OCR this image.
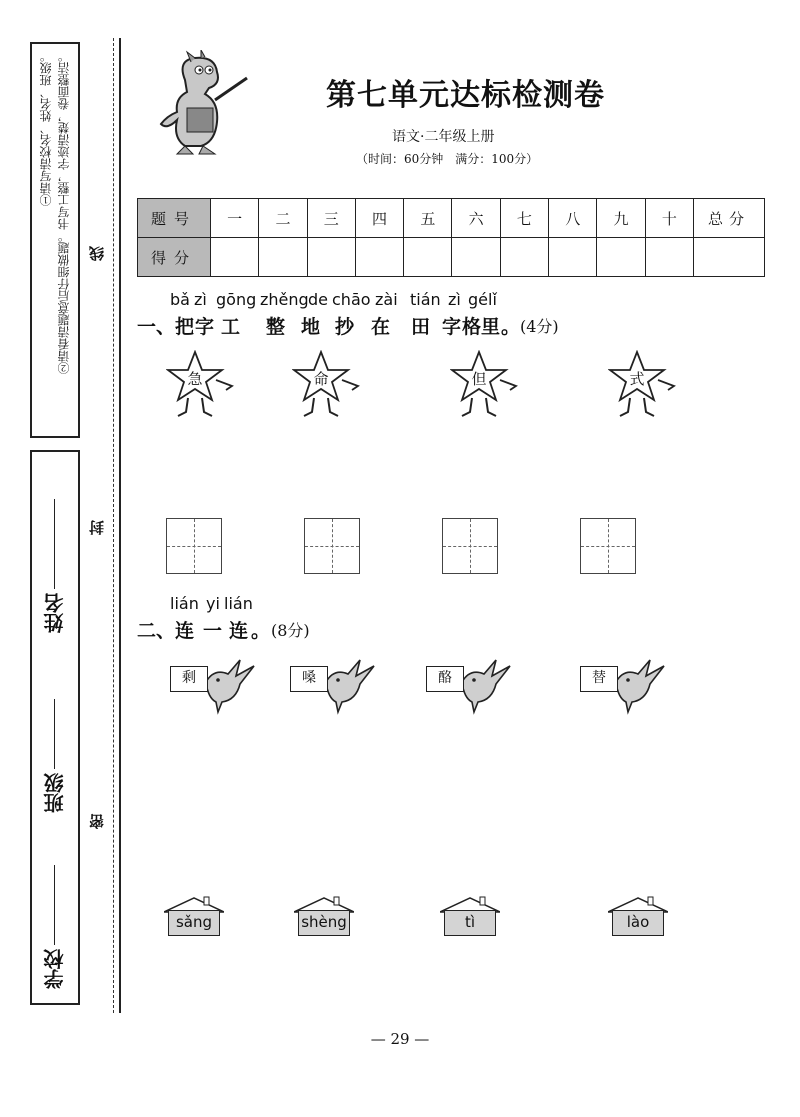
①请写清校名、姓名、班级。 ②请看清题意后仔细做题。书写工整，字迹清楚，卷面整洁。
学校
班级
姓名
线
封
密
第七单元达标检测卷
语文·二年级上册
（时间：60分钟　满分：100分）
题号	一	二	三	四	五	六	七	八	九	十	总分
得分											
bǎ zì gōng zhěng de chāo zài tián zì gé lǐ
一、 把 字 工 整 地 抄 在 田 字 格 里 。 (4分)
急	命	但	式
lián yi lián
二、 连 一 连 。 (8分)
剩	嗓	酪	替
sǎng	shèng	tì	lào
— 29 —
